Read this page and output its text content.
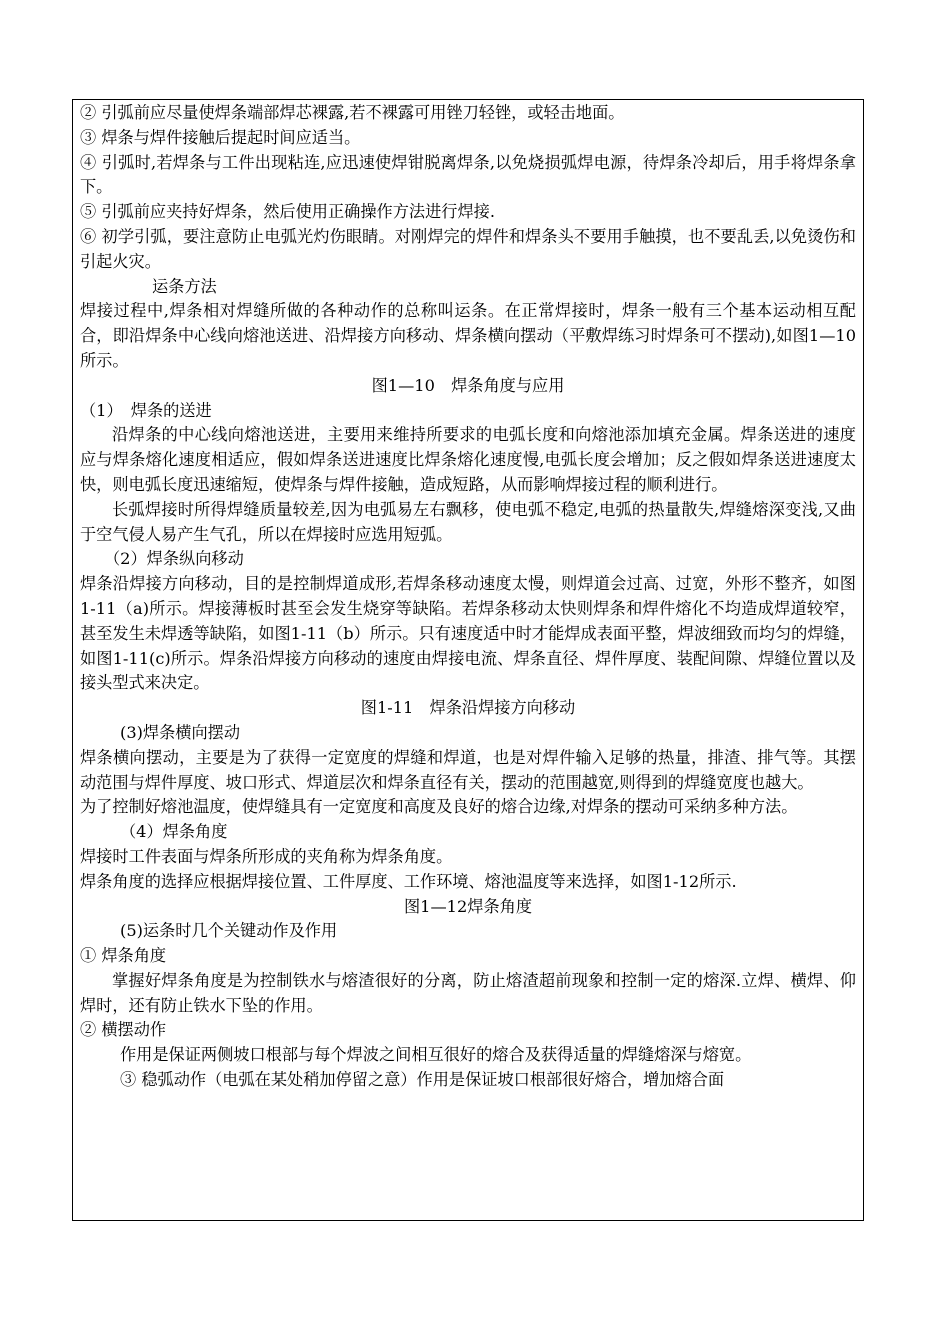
② 引弧前应尽量使焊条端部焊芯裸露,若不裸露可用锉刀轻锉，或轻击地面。

③ 焊条与焊件接触后提起时间应适当。

④ 引弧时,若焊条与工件出现粘连,应迅速使焊钳脱离焊条,以免烧损弧焊电源，待焊条冷却后，用手将焊条拿下。

⑤ 引弧前应夹持好焊条，然后使用正确操作方法进行焊接.

⑥ 初学引弧，要注意防止电弧光灼伤眼睛。对刚焊完的焊件和焊条头不要用手触摸，也不要乱丢,以免烫伤和引起火灾。

运条方法

焊接过程中,焊条相对焊缝所做的各种动作的总称叫运条。在正常焊接时，焊条一般有三个基本运动相互配合，即沿焊条中心线向熔池送进、沿焊接方向移动、焊条横向摆动（平敷焊练习时焊条可不摆动),如图1—10所示。

图1—10　焊条角度与应用

（1）　焊条的送进

沿焊条的中心线向熔池送进，主要用来维持所要求的电弧长度和向熔池添加填充金属。焊条送进的速度应与焊条熔化速度相适应，假如焊条送进速度比焊条熔化速度慢,电弧长度会增加；反之假如焊条送进速度太快，则电弧长度迅速缩短，使焊条与焊件接触，造成短路，从而影响焊接过程的顺利进行。

长弧焊接时所得焊缝质量较差,因为电弧易左右飘移，使电弧不稳定,电弧的热量散失,焊缝熔深变浅,又曲于空气侵人易产生气孔，所以在焊接时应选用短弧。

（2）焊条纵向移动

焊条沿焊接方向移动，目的是控制焊道成形,若焊条移动速度太慢，则焊道会过高、过宽，外形不整齐，如图1-11（a)所示。焊接薄板时甚至会发生烧穿等缺陷。若焊条移动太快则焊条和焊件熔化不均造成焊道较窄，甚至发生未焊透等缺陷，如图1-11（b）所示。只有速度适中时才能焊成表面平整，焊波细致而均匀的焊缝，如图1-11(c)所示。焊条沿焊接方向移动的速度由焊接电流、焊条直径、焊件厚度、装配间隙、焊缝位置以及接头型式来决定。

图1-11　焊条沿焊接方向移动

(3)焊条横向摆动

焊条横向摆动，主要是为了获得一定宽度的焊缝和焊道，也是对焊件输入足够的热量，排渣、排气等。其摆动范围与焊件厚度、坡口形式、焊道层次和焊条直径有关，摆动的范围越宽,则得到的焊缝宽度也越大。

为了控制好熔池温度，使焊缝具有一定宽度和高度及良好的熔合边缘,对焊条的摆动可采纳多种方法。

（4）焊条角度

焊接时工件表面与焊条所形成的夹角称为焊条角度。

焊条角度的选择应根据焊接位置、工件厚度、工作环境、熔池温度等来选择，如图1-12所示.

图1—12焊条角度

(5)运条时几个关键动作及作用

① 焊条角度

掌握好焊条角度是为控制铁水与熔渣很好的分离，防止熔渣超前现象和控制一定的熔深.立焊、横焊、仰焊时，还有防止铁水下坠的作用。

② 横摆动作

作用是保证两侧坡口根部与每个焊波之间相互很好的熔合及获得适量的焊缝熔深与熔宽。

③ 稳弧动作（电弧在某处稍加停留之意）作用是保证坡口根部很好熔合，增加熔合面
